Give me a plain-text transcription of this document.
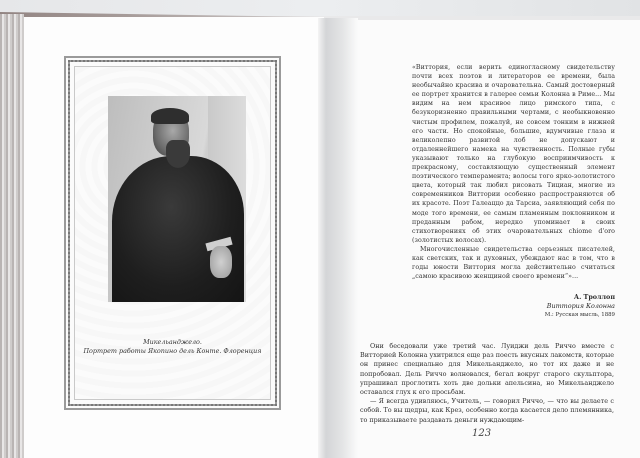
Микельанджело.
Портрет работы Якопино дель Конте. Флоренция

«Виттория, если верить единогласному свидетельству почти всех поэтов и литераторов ее времени, была необычайно красива и очаровательна. Самый достоверный ее портрет хранится в галерее семьи Колонна в Риме... Мы видим на нем красивое лицо римского типа, с безукоризненно правильными чертами, с необыкновенно чистым профилем, пожалуй, не совсем тонким в нижней его части. Но спокойные, большие, вдумчивые глаза и великолепно развитой лоб не допускают и отдаленнейшего намека на чувственность. Полные губы указывают только на глубокую восприимчивость к прекрасному, составляющую существенный элемент поэтического темперамента; волосы того ярко-золотистого цвета, который так любил рисовать Тициан, многие из современников Виттории особенно распространяются об их красоте. Поэт Галеаццо да Тарсиа, заявляющий себя по моде того времени, ее самым пламенным поклонником и преданным рабом, нередко упоминает в своих стихотворениях об этих очаровательных chiome d'oro (золотистых волосах).

Многочисленные свидетельства серьезных писателей, как светских, так и духовных, убеждают нас в том, что в годы юности Виттория могла действительно считаться „самою красивою женщиной своего времени“»...

А. Троллоп
Виттория Колонна
М.: Русская мысль, 1889

Они беседовали уже третий час. Луиджи дель Риччо вместе с Витторией Колонна ухитрился еще раз поесть вкусных лакомств, которые он принес специально для Микельанджело, но тот их даже и не попробовал. Дель Риччо волновался, бегал вокруг старого скульптора, упрашивал проглотить хоть две дольки апельсина, но Микельанджело оставался глух к его просьбам.

— Я всегда удивляюсь, Учитель, — говорил Риччо, — что вы делаете с собой. То вы щедры, как Крез, особенно когда касается дело племянника, то приказываете раздавать деньги нуждающим-

123
